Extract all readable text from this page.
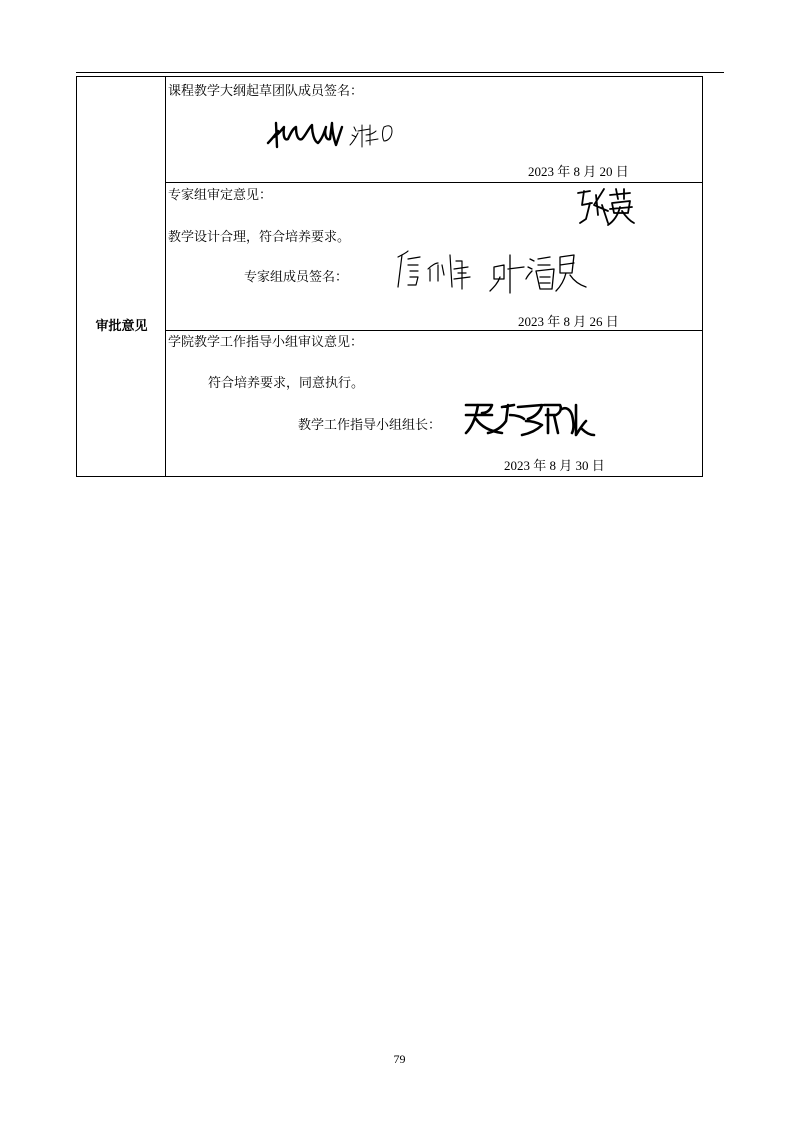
审批意见
课程教学大纲起草团队成员签名：
2023 年 8 月 20 日
专家组审定意见：
教学设计合理，符合培养要求。
专家组成员签名：
2023 年 8 月 26 日
学院教学工作指导小组审议意见：
符合培养要求，同意执行。
教学工作指导小组组长：
2023 年 8 月 30 日
79
